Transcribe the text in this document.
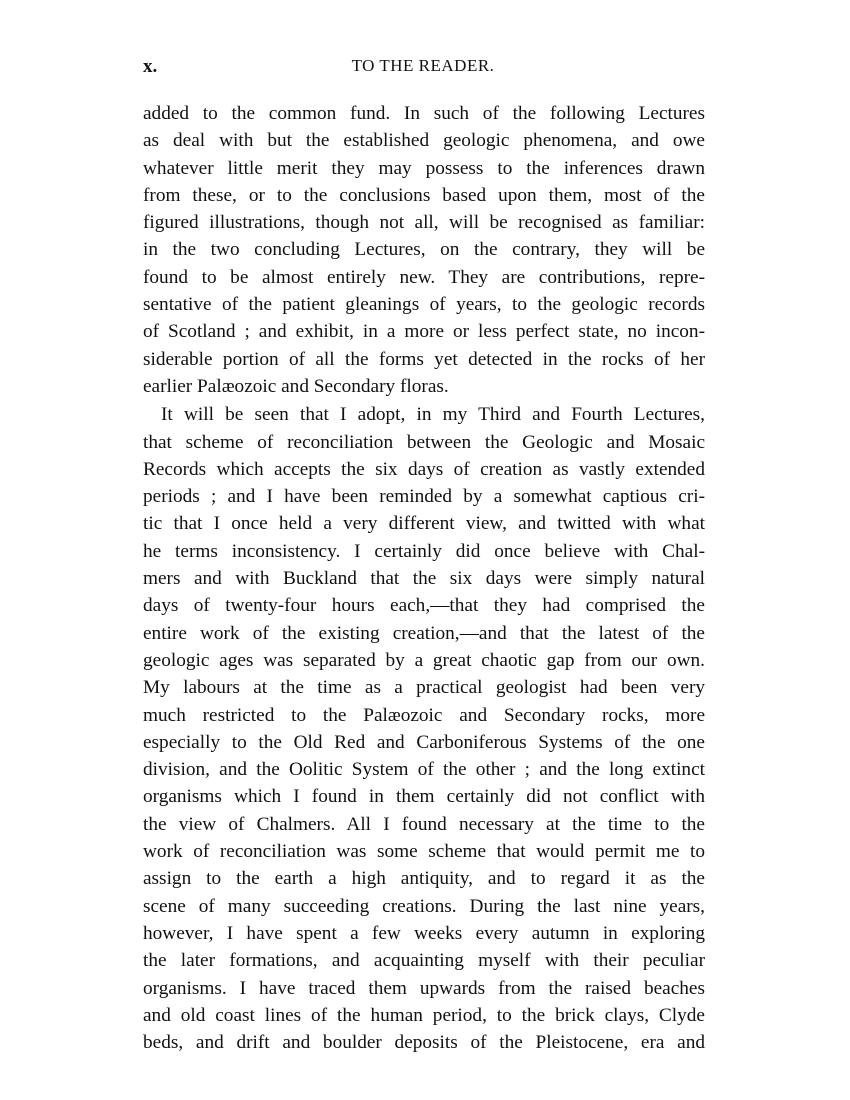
x.	TO THE READER.
added to the common fund. In such of the following Lectures
as deal with but the established geologic phenomena, and owe
whatever little merit they may possess to the inferences drawn
from these, or to the conclusions based upon them, most of the
figured illustrations, though not all, will be recognised as familiar:
in the two concluding Lectures, on the contrary, they will be
found to be almost entirely new. They are contributions, repre-
sentative of the patient gleanings of years, to the geologic records
of Scotland ; and exhibit, in a more or less perfect state, no incon-
siderable portion of all the forms yet detected in the rocks of her
earlier Palæozoic and Secondary floras.
It will be seen that I adopt, in my Third and Fourth Lectures,
that scheme of reconciliation between the Geologic and Mosaic
Records which accepts the six days of creation as vastly extended
periods ; and I have been reminded by a somewhat captious cri-
tic that I once held a very different view, and twitted with what
he terms inconsistency. I certainly did once believe with Chal-
mers and with Buckland that the six days were simply natural
days of twenty-four hours each,—that they had comprised the
entire work of the existing creation,—and that the latest of the
geologic ages was separated by a great chaotic gap from our own.
My labours at the time as a practical geologist had been very
much restricted to the Palæozoic and Secondary rocks, more
especially to the Old Red and Carboniferous Systems of the one
division, and the Oolitic System of the other ; and the long extinct
organisms which I found in them certainly did not conflict with
the view of Chalmers. All I found necessary at the time to the
work of reconciliation was some scheme that would permit me to
assign to the earth a high antiquity, and to regard it as the
scene of many succeeding creations. During the last nine years,
however, I have spent a few weeks every autumn in exploring
the later formations, and acquainting myself with their peculiar
organisms. I have traced them upwards from the raised beaches
and old coast lines of the human period, to the brick clays, Clyde
beds, and drift and boulder deposits of the Pleistocene, era and
